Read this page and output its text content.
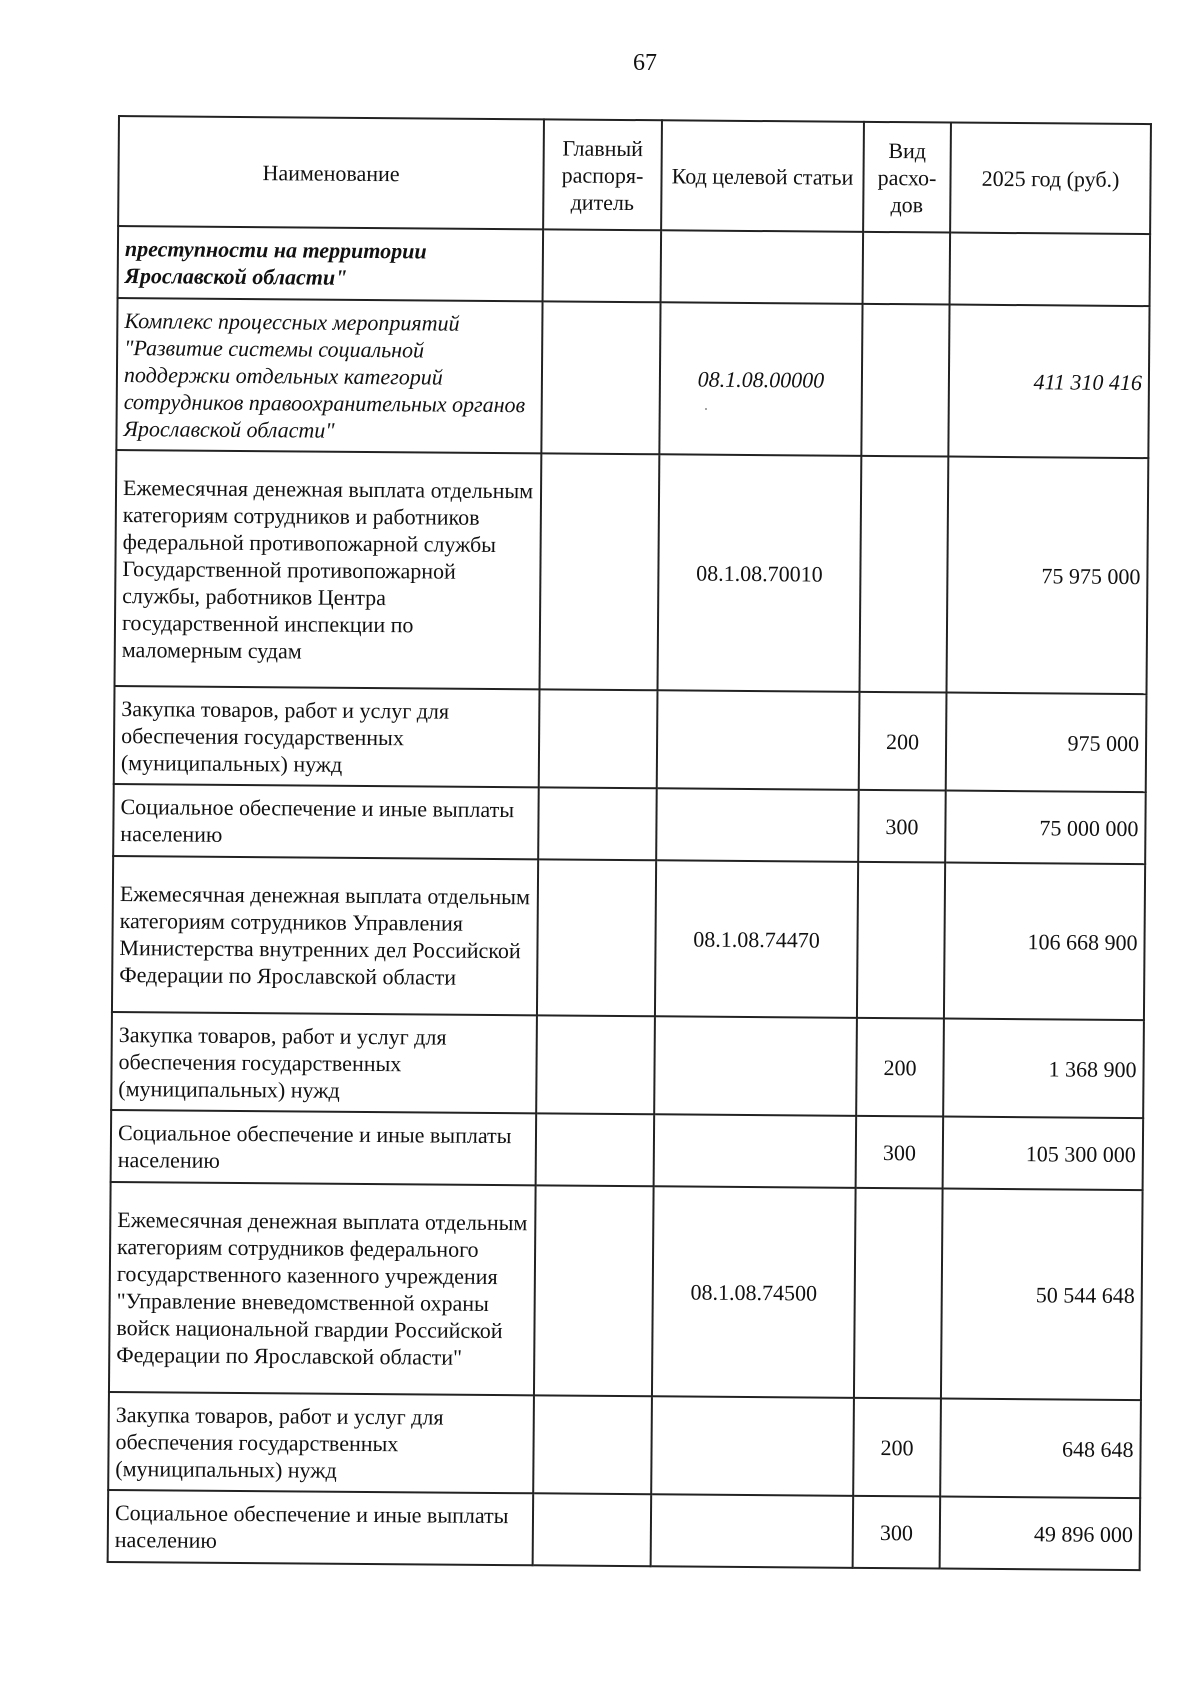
67
Наименование	Главный распоря-дитель	Код целевой статьи	Вид расхо-дов	2025 год (руб.)
преступности на территории Ярославской области"				
Комплекс процессных мероприятий "Развитие системы социальной поддержки отдельных категорий сотрудников правоохранительных органов Ярославской области"		08.1.08.00000		411 310 416
Ежемесячная денежная выплата отдельным категориям сотрудников и работников федеральной противопожарной службы Государственной противопожарной службы, работников Центра государственной инспекции по маломерным судам		08.1.08.70010		75 975 000
Закупка товаров, работ и услуг для обеспечения государственных (муниципальных) нужд			200	975 000
Социальное обеспечение и иные выплаты населению			300	75 000 000
Ежемесячная денежная выплата отдельным категориям сотрудников Управления Министерства внутренних дел Российской Федерации по Ярославской области		08.1.08.74470		106 668 900
Закупка товаров, работ и услуг для обеспечения государственных (муниципальных) нужд			200	1 368 900
Социальное обеспечение и иные выплаты населению			300	105 300 000
Ежемесячная денежная выплата отдельным категориям сотрудников федерального государственного казенного учреждения "Управление вневедомственной охраны войск национальной гвардии Российской Федерации по Ярославской области"		08.1.08.74500		50 544 648
Закупка товаров, работ и услуг для обеспечения государственных (муниципальных) нужд			200	648 648
Социальное обеспечение и иные выплаты населению			300	49 896 000
